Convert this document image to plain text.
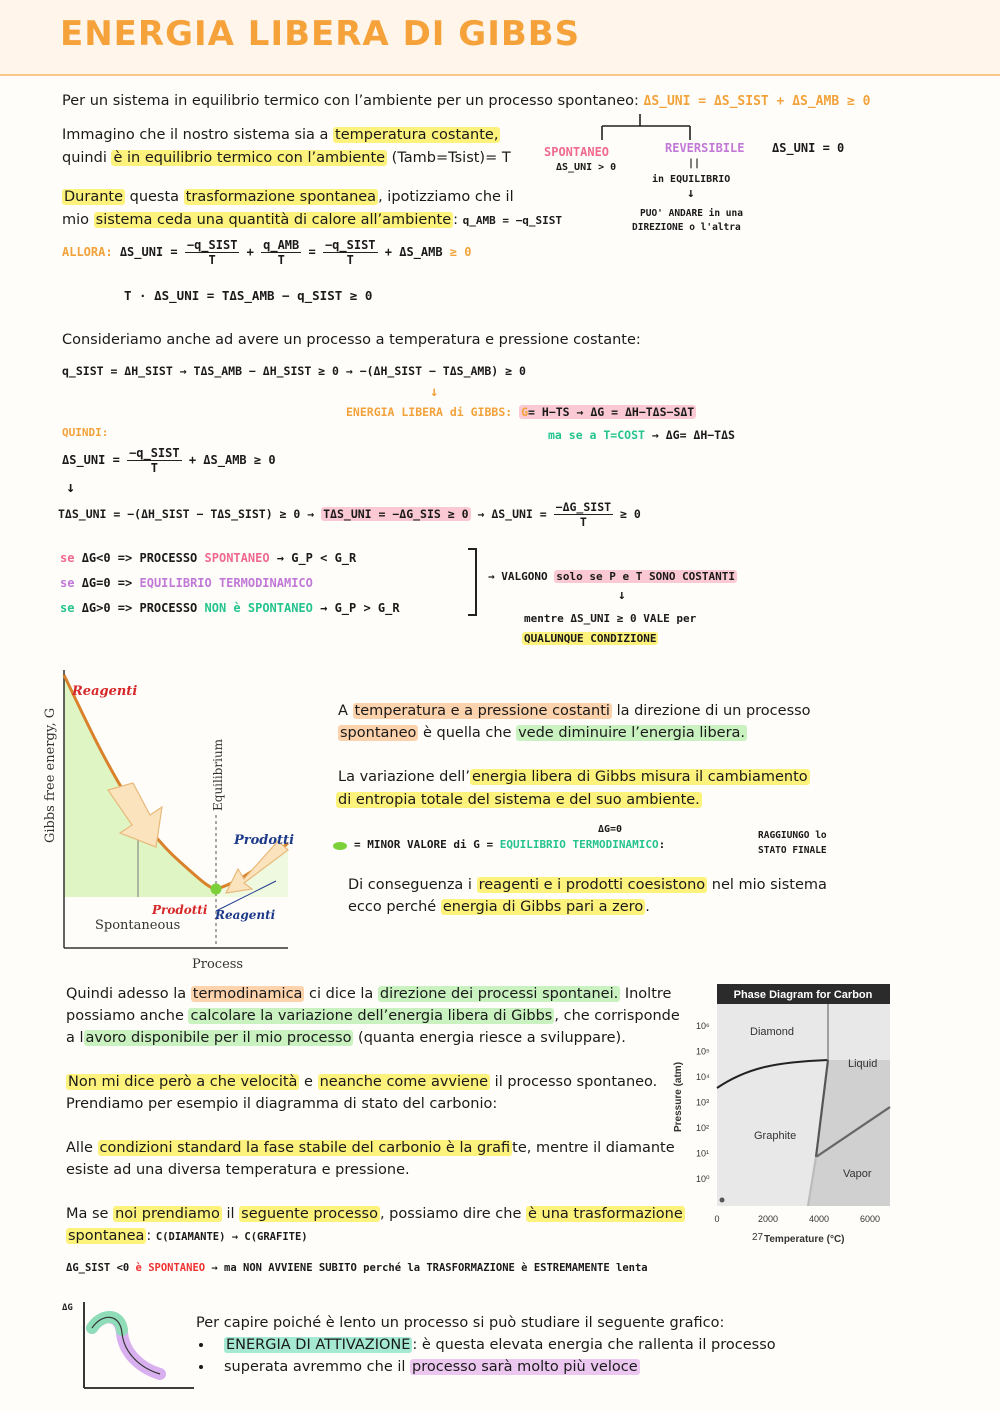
ENERGIA LIBERA DI GIBBS
Per un sistema in equilibrio termico con l’ambiente per un processo spontaneo: ΔS_UNI = ΔS_SIST + ΔS_AMB ≥ 0
SPONTANEO
ΔS_UNI > 0
REVERSIBILE ΔS_UNI = 0
||
in EQUILIBRIO
↓
PUO' ANDARE in una
DIREZIONE o l'altra
Immagino che il nostro sistema sia a temperatura costante,
quindi è in equilibrio termico con l’ambiente (Tamb=Tsist)= T
Durante questa trasformazione spontanea , ipotizziamo che il
mio sistema ceda una quantità di calore all’ambiente : q_AMB = −q_SIST
ALLORA: ΔS_UNI = $\frac{\text{−q\_SIST}}{T} + \frac{\text{q\_AMB}}{T} = \frac{\text{−q\_SIST}}{T}$ + ΔS_AMB ≥ 0
T · ΔS_UNI = TΔS_AMB − q_SIST ≥ 0
Consideriamo anche ad avere un processo a temperatura e pressione costante:
q_SIST = ΔH_SIST → TΔS_AMB − ΔH_SIST ≥ 0 → −(ΔH_SIST − TΔS_AMB) ≥ 0
↓
ENERGIA LIBERA di GIBBS: G= H−TS → ΔG = ΔH−TΔS−SΔT
ma se a T=COST → ΔG= ΔH−TΔS
QUINDI:
ΔS_UNI = $\frac{\text{−q\_SIST}}{T}$ + ΔS_AMB ≥ 0
↓
TΔS_UNI = −(ΔH_SIST − TΔS_SIST) ≥ 0 → TΔS_UNI = −ΔG_SIS ≥ 0 → ΔS_UNI = $\frac{\text{−ΔG\_SIST}}{T} \ge 0$
se ΔG<0 => PROCESSO SPONTANEO → G_P < G_R
se ΔG=0 => EQUILIBRIO TERMODINAMICO
se ΔG>0 => PROCESSO NON è SPONTANEO → G_P > G_R
→ VALGONO solo se P e T SONO COSTANTI
↓
mentre ΔS_UNI ≥ 0 VALE per
QUALUNQUE CONDIZIONE
Reagenti
Prodotti
Prodotti Reagenti
Spontaneous
Process
Gibbs free energy, G	Equilibrium
A temperatura e a pressione costanti la direzione di un processo
spontaneo è quella che vede diminuire l’energia libera.
La variazione dell’ energia libera di Gibbs misura il cambiamento
di entropia totale del sistema e del suo ambiente.
ΔG=0
= MINOR VALORE di G = EQUILIBRIO TERMODINAMICO:
RAGGIUNGO lo
STATO FINALE
Di conseguenza i reagenti e i prodotti coesistono nel mio sistema
ecco perché energia di Gibbs pari a zero .
Quindi adesso la termodinamica ci dice la direzione dei processi spontanei. Inoltre
possiamo anche calcolare la variazione dell’energia libera di Gibbs , che corrisponde
a l avoro disponibile per il mio processo (quanta energia riesce a sviluppare).
Non mi dice però a che velocità e neanche come avviene il processo spontaneo.
Prendiamo per esempio il diagramma di stato del carbonio:
Alle condizioni standard la fase stabile del carbonio è la grafi te, mentre il diamante
esiste ad una diversa temperatura e pressione.
Ma se noi prendiamo il seguente processo , possiamo dire che è una trasformazione
spontanea : C(DIAMANTE) → C(GRAFITE)
ΔG_SIST <0 è SPONTANEO → ma NON AVVIENE SUBITO perché la TRASFORMAZIONE è ESTREMAMENTE lenta
Phase Diagram for Carbon
Diamond
Liquid
Graphite
Vapor
0	2000	4000	6000
10⁰
10¹
10²
10³
10⁴
10⁵
10⁶
27 Temperature (°C)
Pressure (atm)
ΔG
Per capire poiché è lento un processo si può studiare il seguente grafico:
• ENERGIA DI ATTIVAZIONE : è questa elevata energia che rallenta il processo
• superata avremmo che il processo sarà molto più veloce
